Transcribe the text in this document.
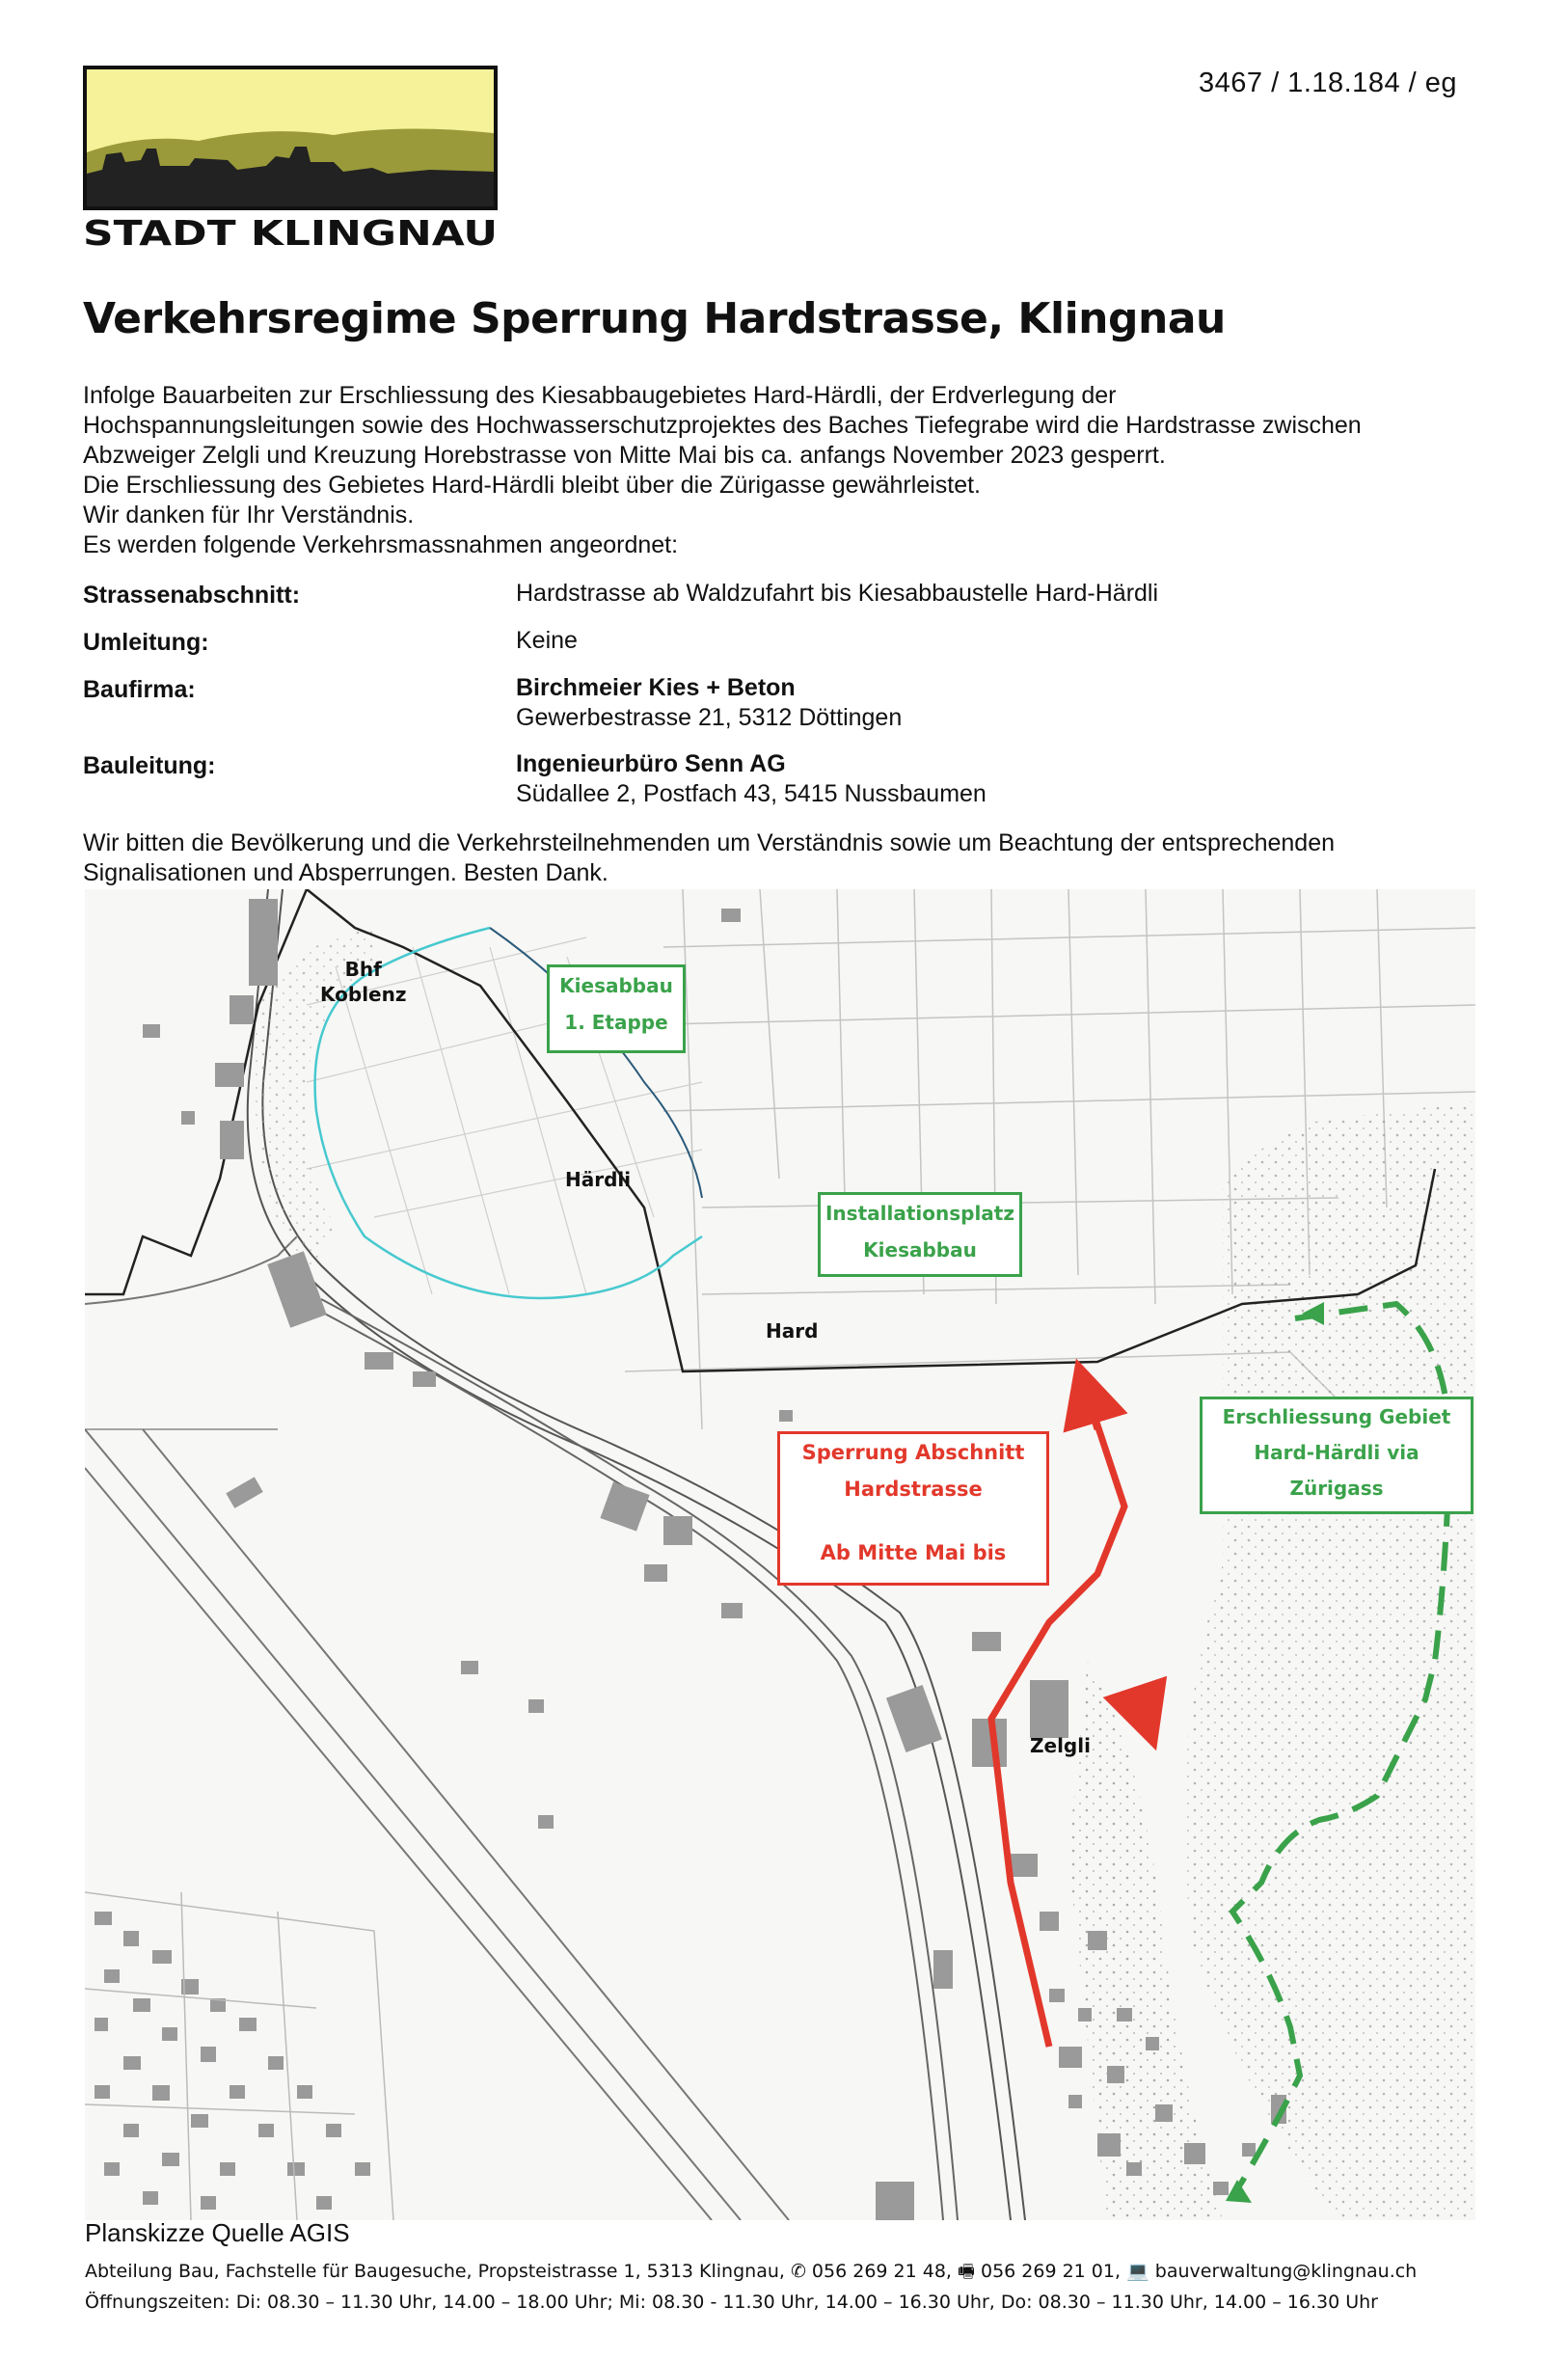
STADT KLINGNAU
3467 / 1.18.184 / eg
Verkehrsregime Sperrung Hardstrasse, Klingnau
Infolge Bauarbeiten zur Erschliessung des Kiesabbaugebietes Hard-Härdli, der Erdverlegung der
Hochspannungsleitungen sowie des Hochwasserschutzprojektes des Baches Tiefegrabe wird die Hardstrasse zwischen
Abzweiger Zelgli und Kreuzung Horebstrasse von Mitte Mai bis ca. anfangs November 2023 gesperrt.
Die Erschliessung des Gebietes Hard-Härdli bleibt über die Zürigasse gewährleistet.
Wir danken für Ihr Verständnis.
Es werden folgende Verkehrsmassnahmen angeordnet:
Strassenabschnitt:	Hardstrasse ab Waldzufahrt bis Kiesabbaustelle Hard-Härdli
Umleitung:	Keine
Baufirma:	Birchmeier Kies + Beton
Gewerbestrasse 21, 5312 Döttingen
Bauleitung:	Ingenieurbüro Senn AG
Südallee 2, Postfach 43, 5415 Nussbaumen
Wir bitten die Bevölkerung und die Verkehrsteilnehmenden um Verständnis sowie um Beachtung der entsprechenden
Signalisationen und Absperrungen. Besten Dank.
Bhf
Koblenz
Härdli
Hard
Zelgli
Kiesabbau
1. Etappe
Installationsplatz
Kiesabbau
Sperrung Abschnitt
Hardstrasse
Ab Mitte Mai bis
Erschliessung Gebiet
Hard-Härdli via
Zürigass
Planskizze Quelle AGIS
Abteilung Bau, Fachstelle für Baugesuche, Propsteistrasse 1, 5313 Klingnau, ✆ 056 269 21 48, 🖷 056 269 21 01, 💻 bauverwaltung@klingnau.ch
Öffnungszeiten: Di: 08.30 – 11.30 Uhr, 14.00 – 18.00 Uhr; Mi: 08.30 - 11.30 Uhr, 14.00 – 16.30 Uhr, Do: 08.30 – 11.30 Uhr, 14.00 – 16.30 Uhr
